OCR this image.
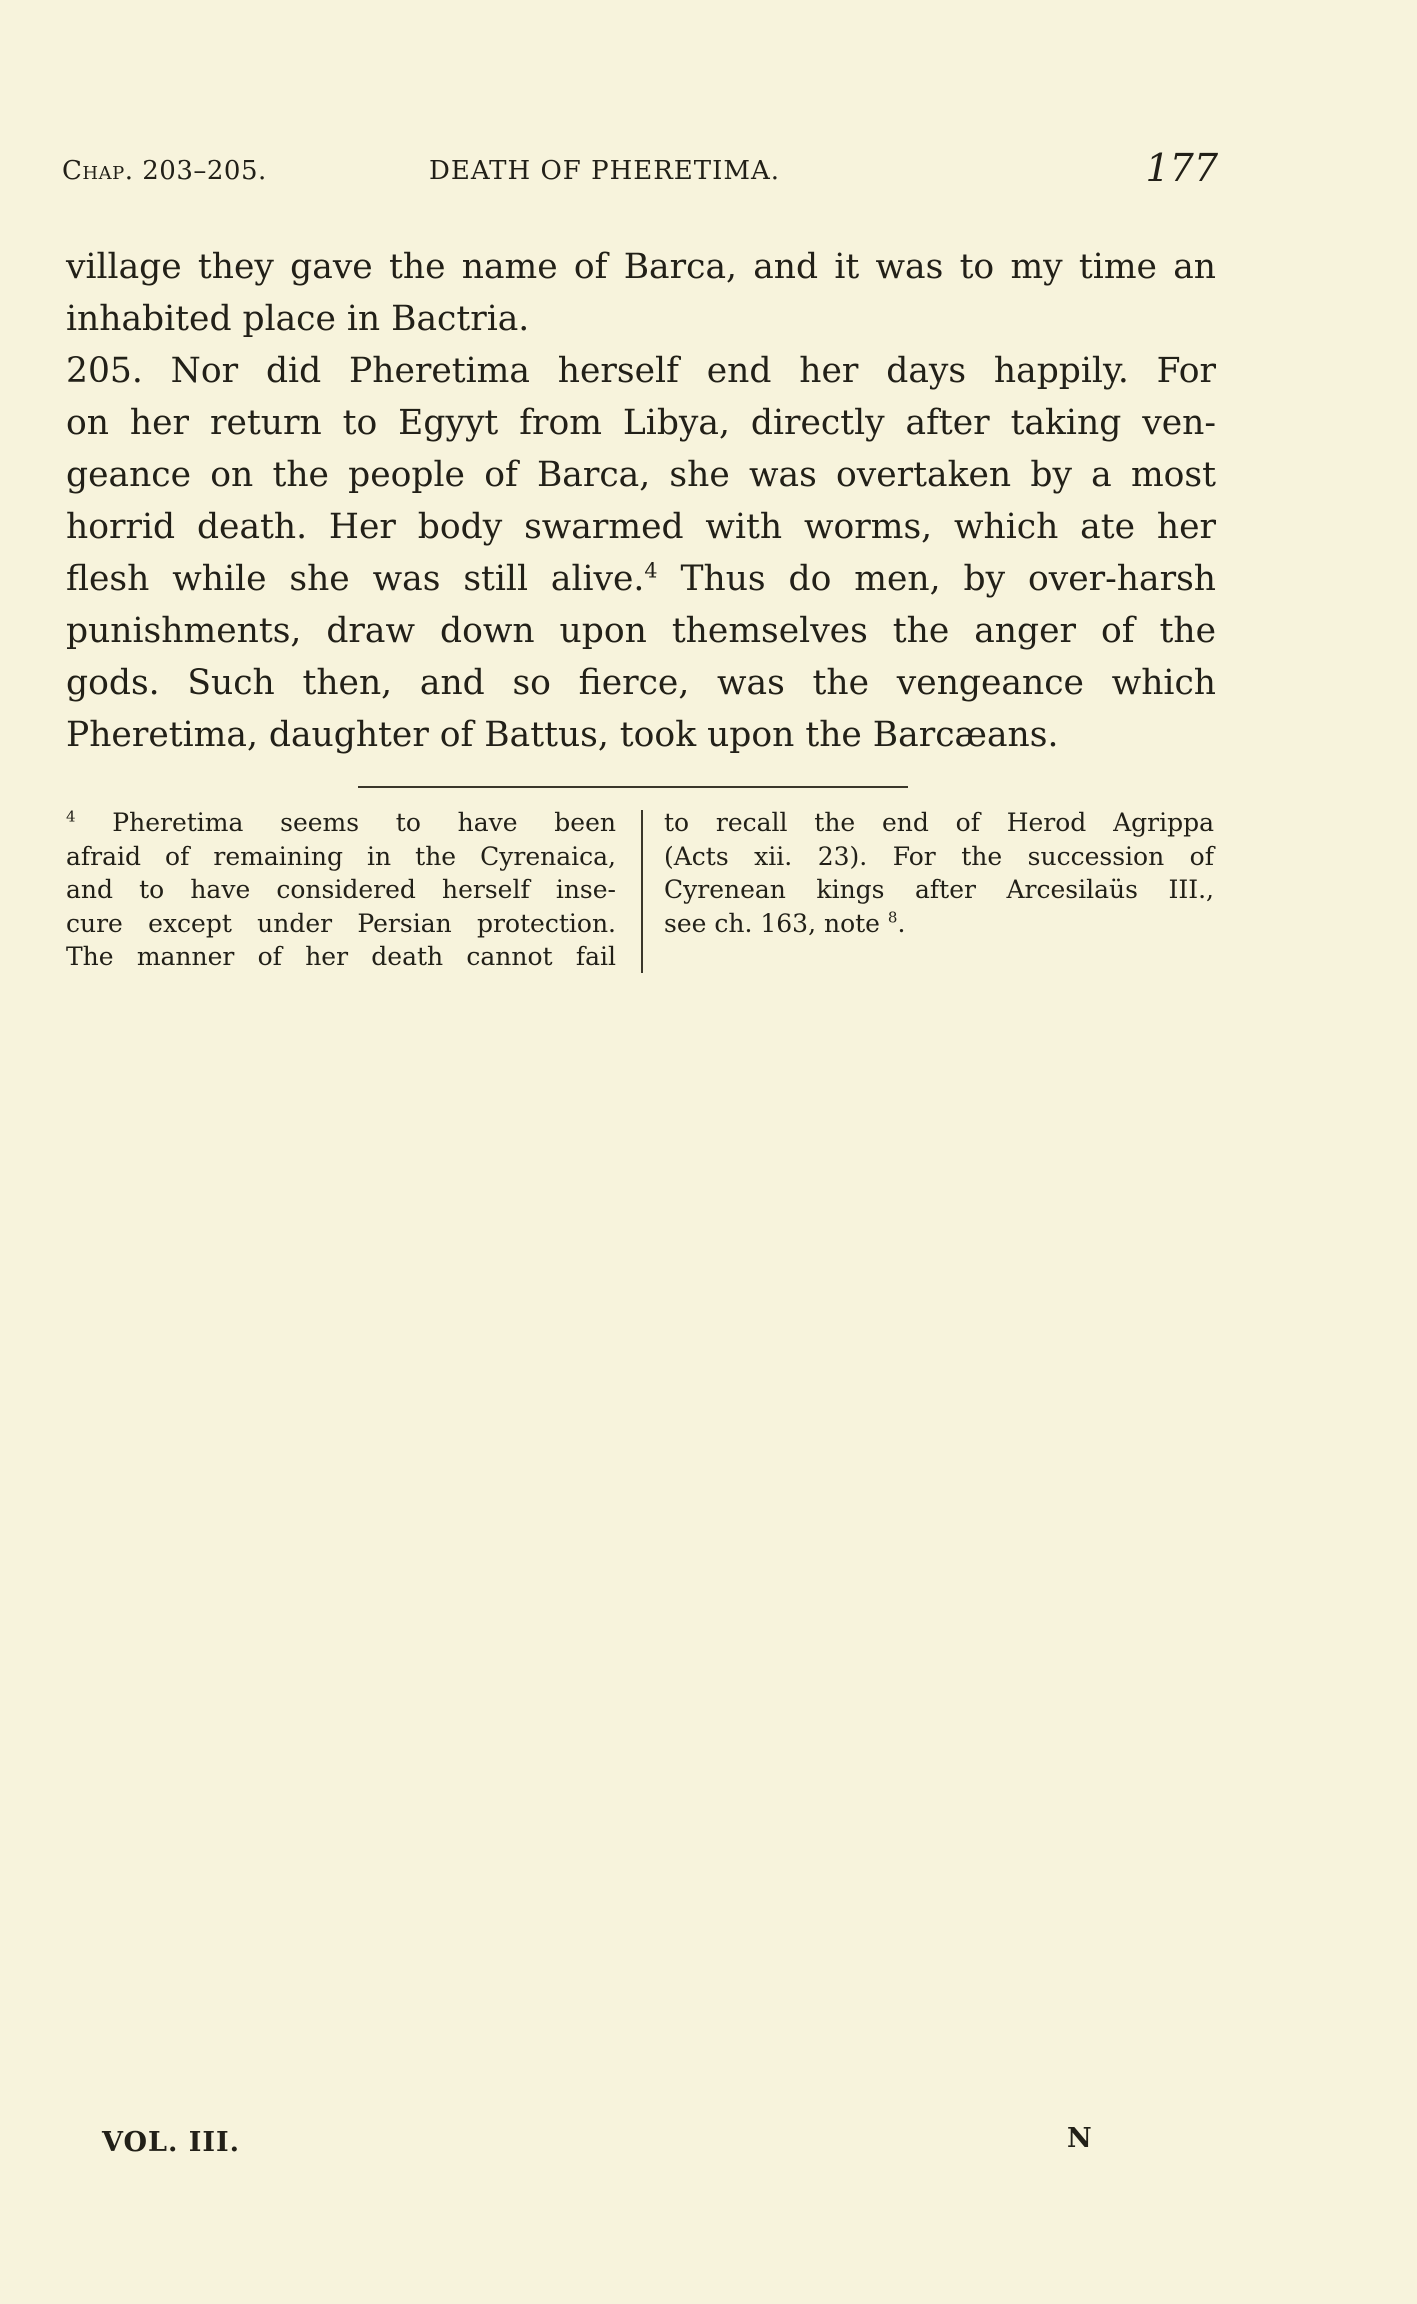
Chap. 203–205.	DEATH OF PHERETIMA.	177
village they gave the name of Barca, and it was to my time an
inhabited place in Bactria.
205. Nor did Pheretima herself end her days happily. For
on her return to Egyyt from Libya, directly after taking ven-
geance on the people of Barca, she was overtaken by a most
horrid death. Her body swarmed with worms, which ate her
flesh while she was still alive.$^4$ Thus do men, by over-harsh
punishments, draw down upon themselves the anger of the
gods. Such then, and so fierce, was the vengeance which
Pheretima, daughter of Battus, took upon the Barcæans.
$^4$ Pheretima seems to have been
afraid of remaining in the Cyrenaica,
and to have considered herself inse-
cure except under Persian protection.
The manner of her death cannot fail
to recall the end of Herod Agrippa
(Acts xii. 23). For the succession of
Cyrenean kings after Arcesilaüs III.,
see ch. 163, note $^8$.
VOL. III.	N
